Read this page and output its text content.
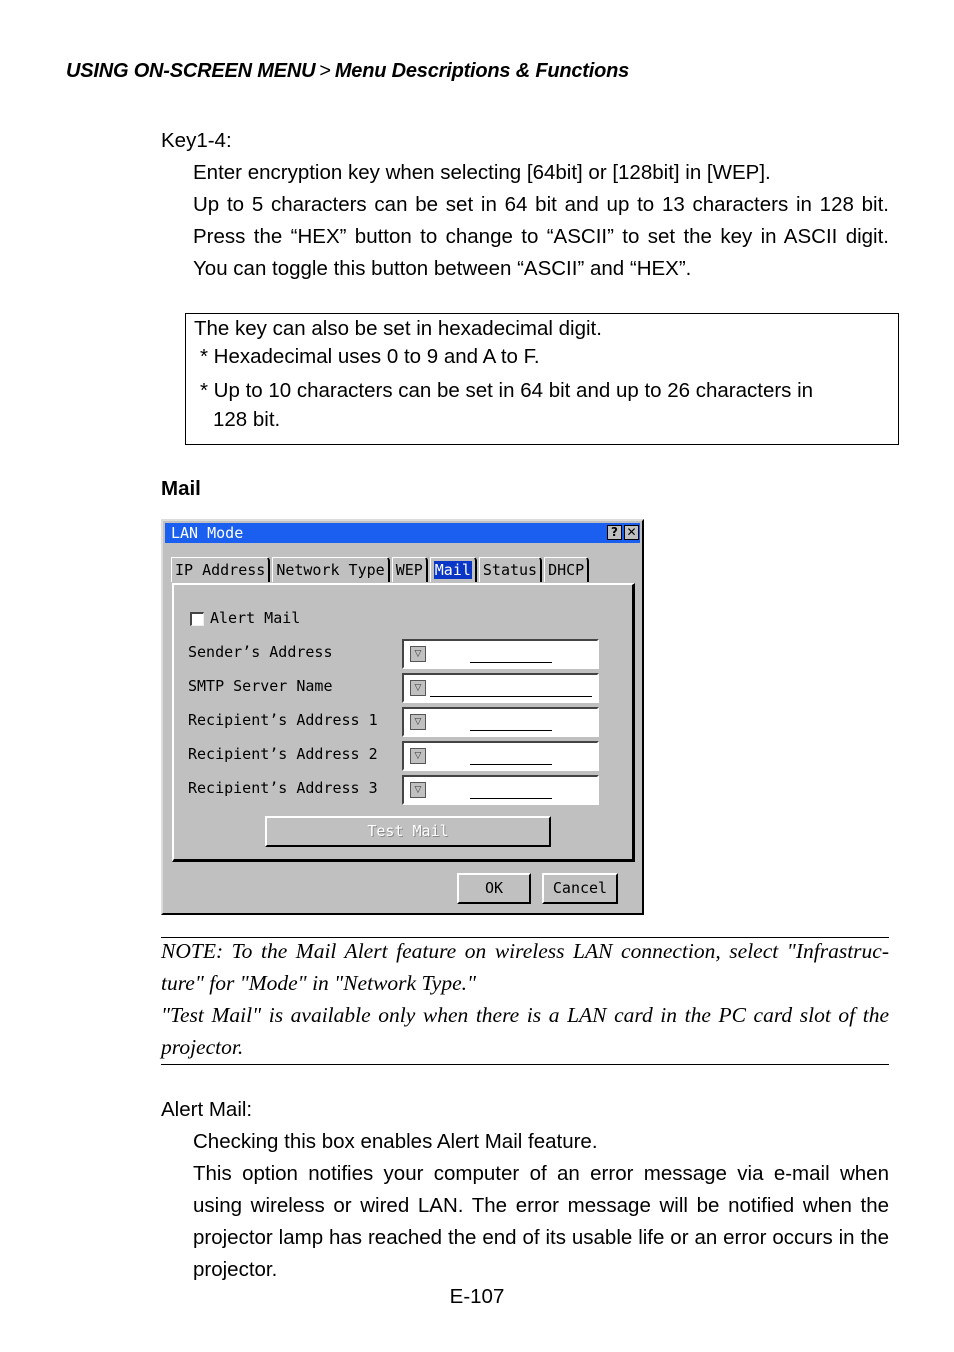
USING ON-SCREEN MENU > Menu Descriptions & Functions
Key1-4:
Enter encryption key when selecting [64bit] or [128bit] in [WEP].
Up to 5 characters can be set in 64 bit and up to 13 characters in 128 bit. Press the “HEX” button to change to “ASCII” to set the key in ASCII digit. You can toggle this button between “ASCII” and “HEX”.

The key can also be set in hexadecimal digit.

* Hexadecimal uses 0 to 9 and A to F.

* Up to 10 characters can be set in 64 bit and up to 26 characters in

128 bit.

Mail
LAN Mode	? ✕
IP Address Network Type WEP Mail Status DHCP
Alert Mail
Sender’s Address	▽
SMTP Server Name	▽
Recipient’s Address 1	▽
Recipient’s Address 2	▽
Recipient’s Address 3	▽
Test Mail
OK	Cancel

NOTE: To the Mail Alert feature on wireless LAN connection, select "Infrastruc-ture" for "Mode" in "Network Type."

"Test Mail" is available only when there is a LAN card in the PC card slot of the projector.

Alert Mail:
Checking this box enables Alert Mail feature.
This option notifies your computer of an error message via e-mail when using wireless or wired LAN. The error message will be notified when the projector lamp has reached the end of its usable life or an error occurs in the projector.
E-107
